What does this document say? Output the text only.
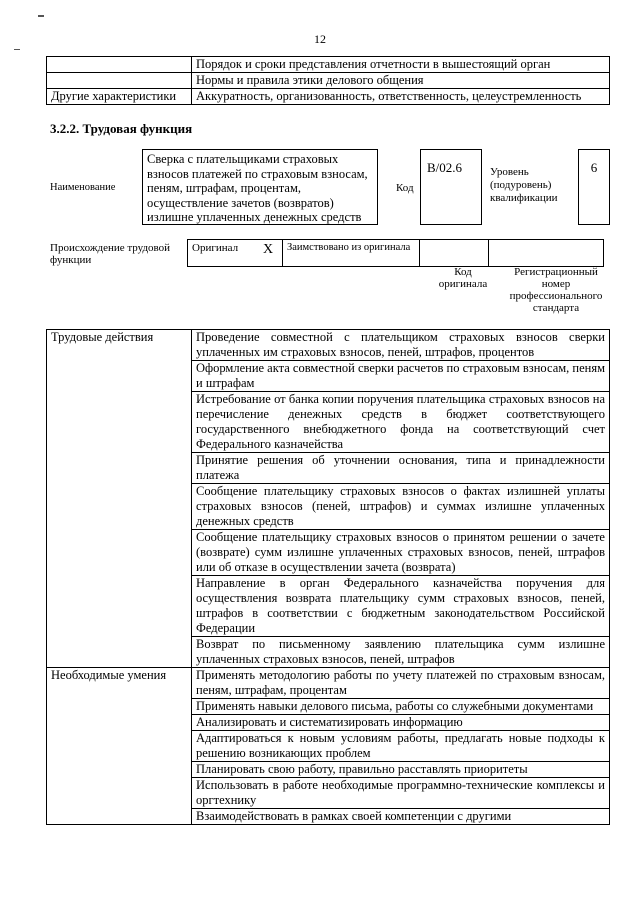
12
	Порядок и сроки представления отчетности в вышестоящий орган
	Нормы и правила этики делового общения
Другие характеристики	Аккуратность, организованность, ответственность, целеустремленность
3.2.2. Трудовая функция
Наименование
Сверка с плательщиками страховых взносов платежей по страховым взносам, пеням, штрафам, процентам, осуществление зачетов (возвратов) излишне уплаченных денежных средств
Код
В/02.6	Уровень (подуровень) квалификации
6
Происхождение трудовой функции
Оригинал	X	Заимствовано из оригинала		
Код оригинала
Регистрационный номер профессионального стандарта
Трудовые действия	Проведение совместной с плательщиком страховых взносов сверки уплаченных им страховых взносов, пеней, штрафов, процентов
	Оформление акта совместной сверки расчетов по страховым взносам, пеням и штрафам
	Истребование от банка копии поручения плательщика страховых взносов на перечисление денежных средств в бюджет соответствующего государственного внебюджетного фонда на соответствующий счет Федерального казначейства
	Принятие решения об уточнении основания, типа и принадлежности платежа
	Сообщение плательщику страховых взносов о фактах излишней уплаты страховых взносов (пеней, штрафов) и суммах излишне уплаченных денежных средств
	Сообщение плательщику страховых взносов о принятом решении о зачете (возврате) сумм излишне уплаченных страховых взносов, пеней, штрафов или об отказе в осуществлении зачета (возврата)
	Направление в орган Федерального казначейства поручения для осуществления возврата плательщику сумм страховых взносов, пеней, штрафов в соответствии с бюджетным законодательством Российской Федерации
	Возврат по письменному заявлению плательщика сумм излишне уплаченных страховых взносов, пеней, штрафов
Необходимые умения	Применять методологию работы по учету платежей по страховым взносам, пеням, штрафам, процентам
	Применять навыки делового письма, работы со служебными документами
	Анализировать и систематизировать информацию
	Адаптироваться к новым условиям работы, предлагать новые подходы к решению возникающих проблем
	Планировать свою работу, правильно расставлять приоритеты
	Использовать в работе необходимые программно-технические комплексы и оргтехнику
	Взаимодействовать в рамках своей компетенции с другими
